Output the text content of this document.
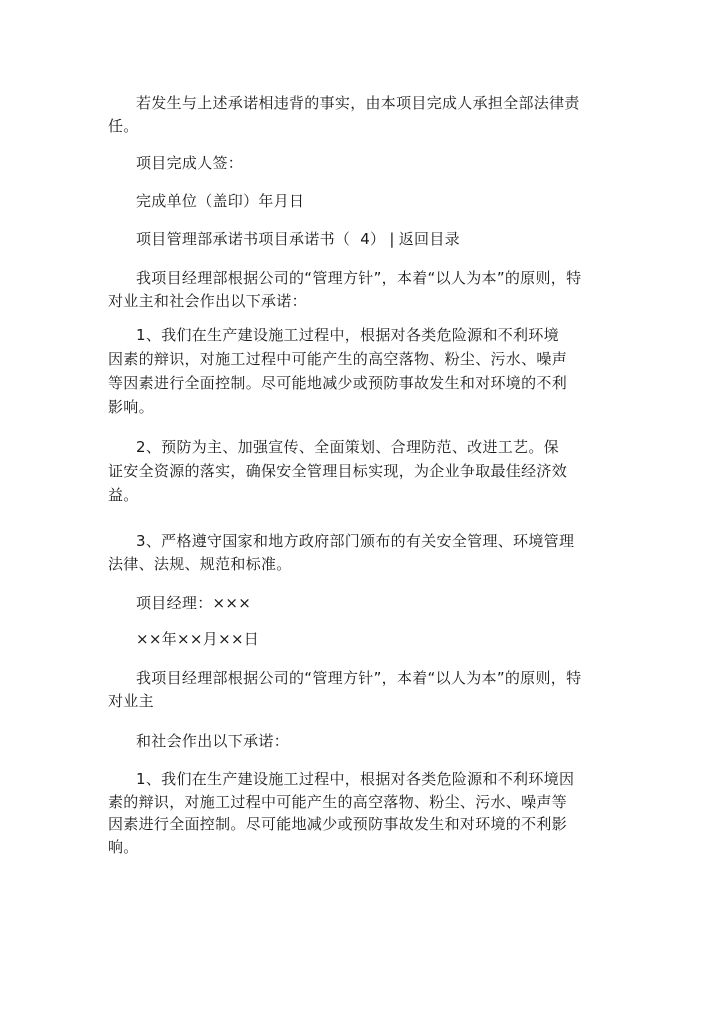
若发生与上述承诺相违背的事实，由本项目完成人承担全部法律责任。

项目完成人签：

完成单位（盖印）年月日

项目管理部承诺书项目承诺书（ 4） | 返回目录

我项目经理部根据公司的“管理方针”，本着“以人为本”的原则，特对业主和社会作出以下承诺：

1、我们在生产建设施工过程中，根据对各类危险源和不利环境
因素的辩识，对施工过程中可能产生的高空落物、粉尘、污水、噪声等因素进行全面控制。尽可能地减少或预防事故发生和对环境的不利影响。
2、预防为主、加强宣传、全面策划、合理防范、改进工艺。保
证安全资源的落实，确保安全管理目标实现，为企业争取最佳经济效益。

3、严格遵守国家和地方政府部门颁布的有关安全管理、环境管理法律、法规、规范和标准。

项目经理：×××

××年××月××日

我项目经理部根据公司的“管理方针”，本着“以人为本”的原则，特对业主

和社会作出以下承诺：

1、我们在生产建设施工过程中，根据对各类危险源和不利环境因素的辩识，对施工过程中可能产生的高空落物、粉尘、污水、噪声等因素进行全面控制。尽可能地减少或预防事故发生和对环境的不利影响。
